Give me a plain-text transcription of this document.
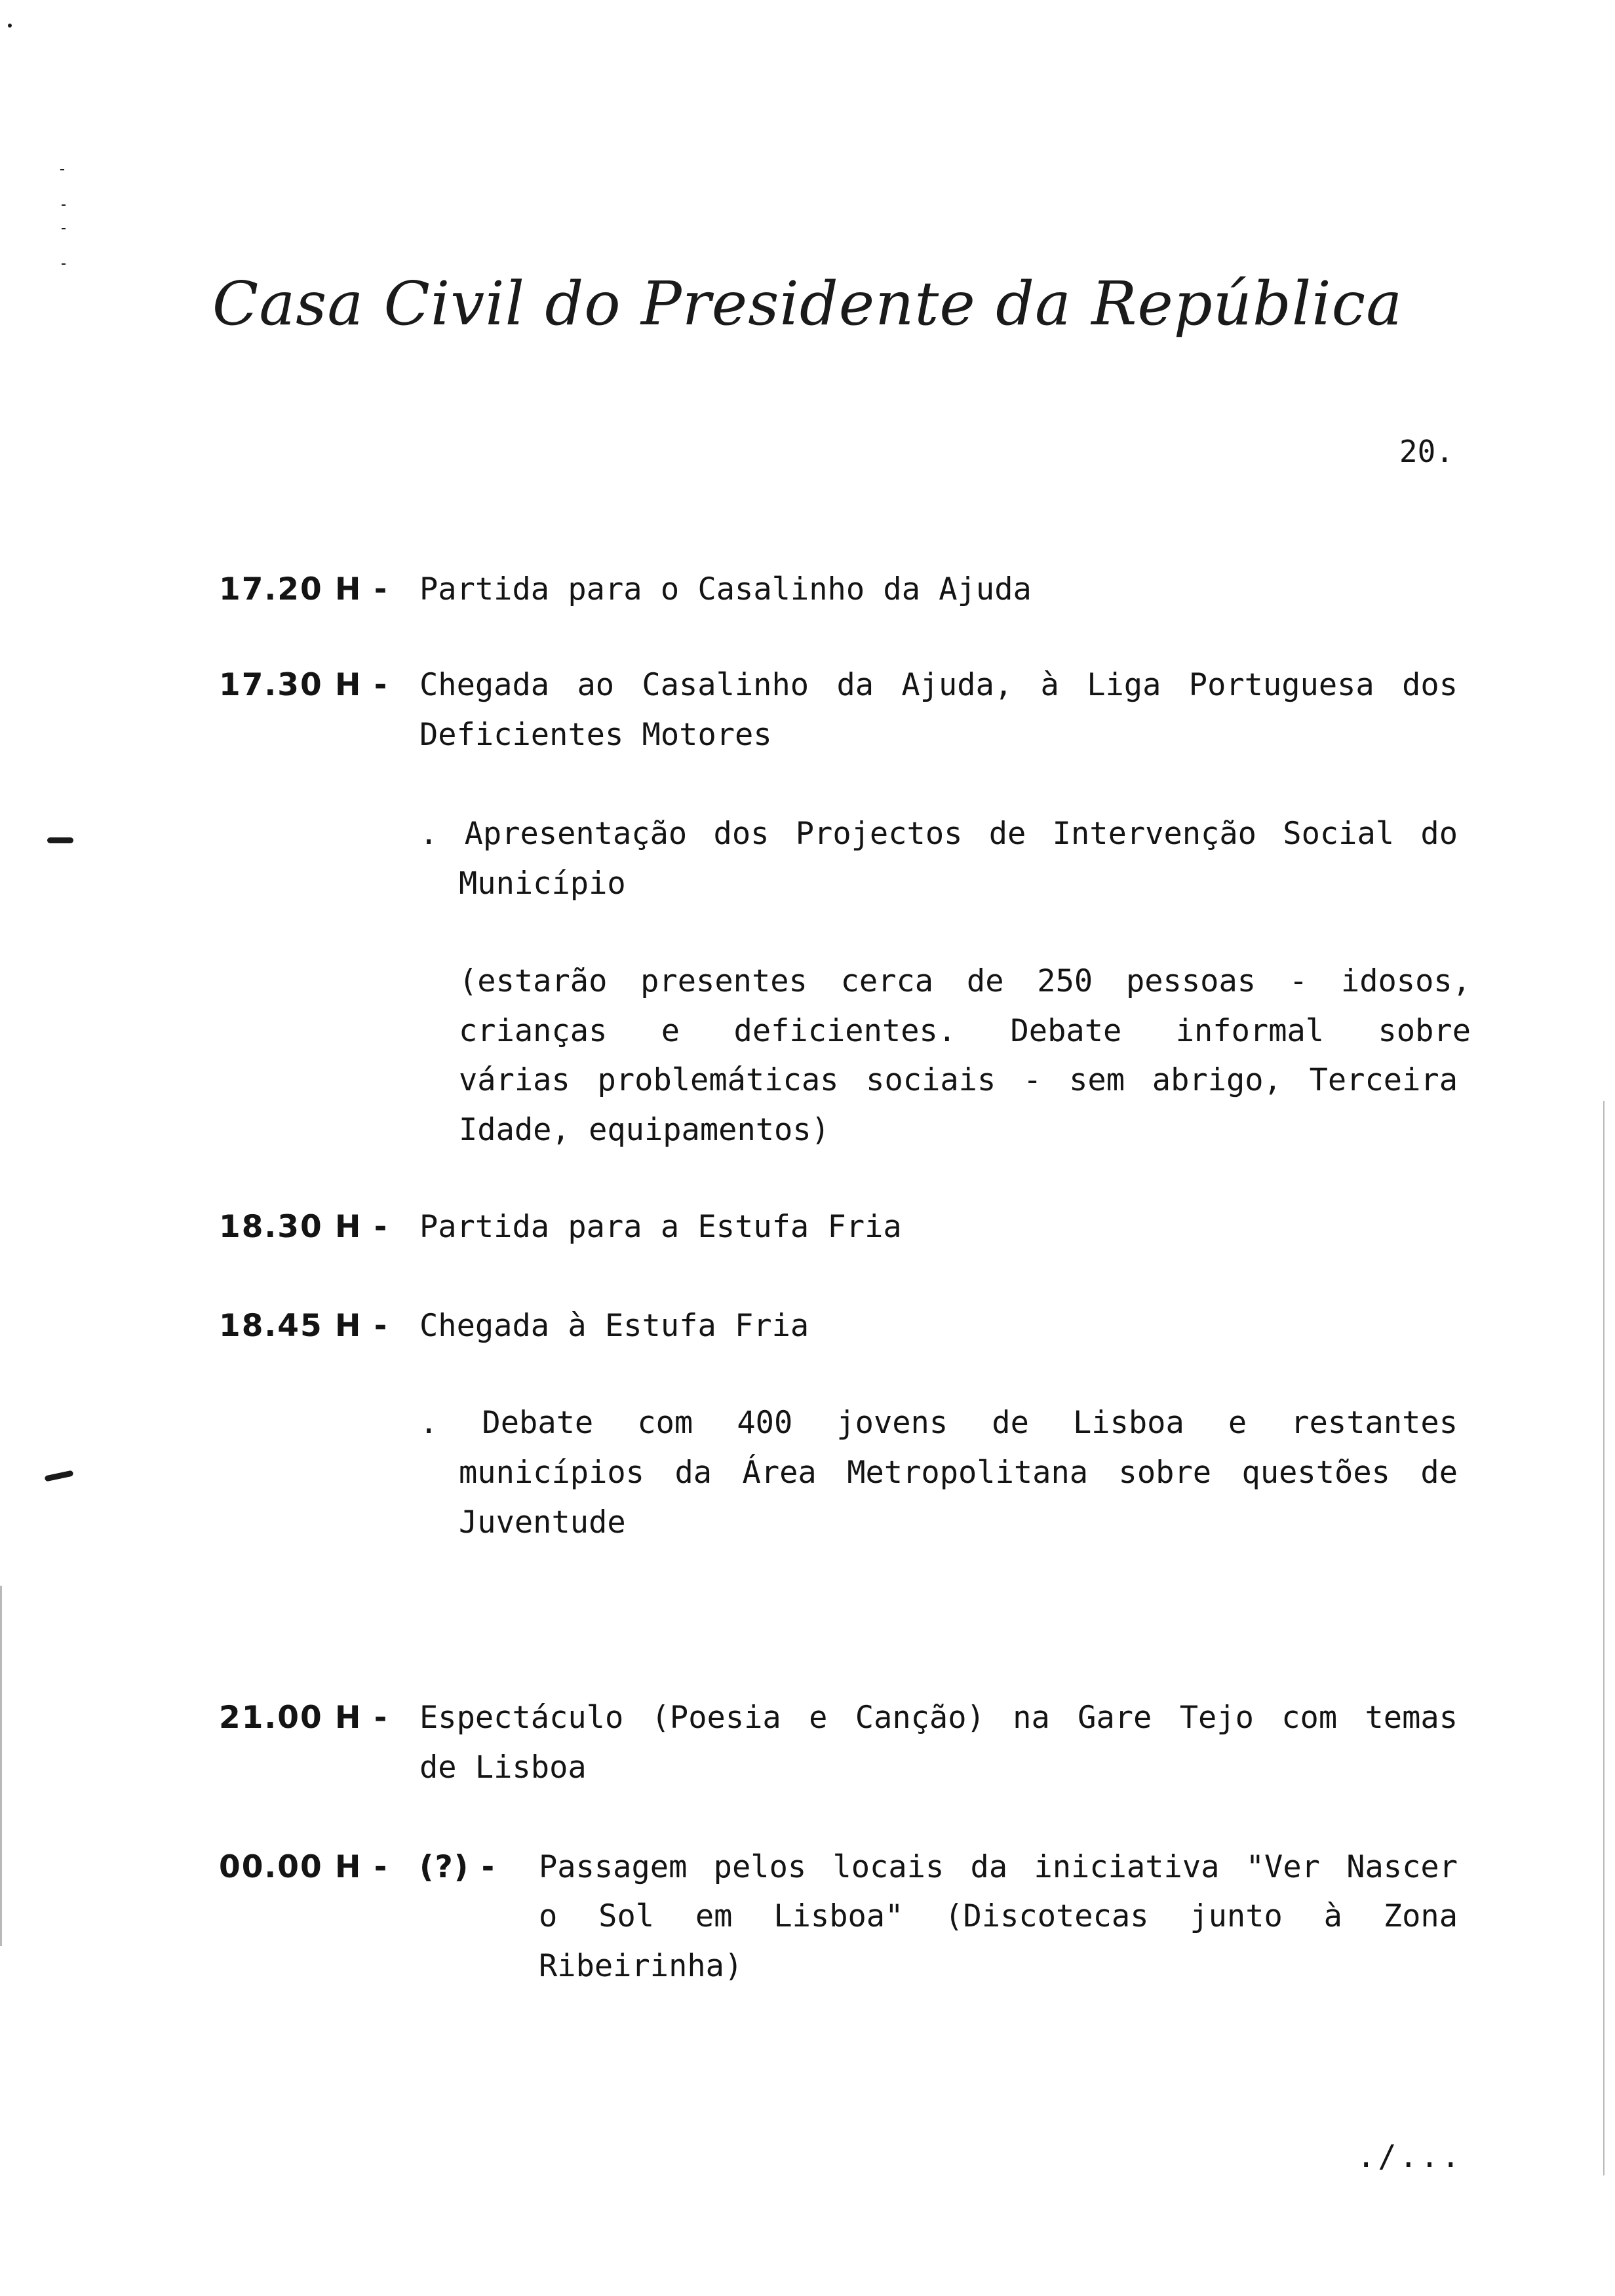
Casa Civil do Presidente da República
20.
17.20 H -	Partida para o Casalinho da Ajuda
17.30 H -	Chegada ao Casalinho da Ajuda, à Liga Portuguesa dos
Deficientes Motores
. Apresentação dos Projectos de Intervenção Social do
Município
(estarão presentes cerca de 250 pessoas - idosos,
crianças e deficientes. Debate informal sobre
várias problemáticas sociais - sem abrigo, Terceira
Idade, equipamentos)
18.30 H -	Partida para a Estufa Fria
18.45 H -	Chegada à Estufa Fria
. Debate com 400 jovens de Lisboa e restantes
municípios da Área Metropolitana sobre questões de
Juventude
21.00 H -	Espectáculo (Poesia e Canção) na Gare Tejo com temas
de Lisboa
00.00 H -	(?) -	Passagem pelos locais da iniciativa "Ver Nascer
o Sol em Lisboa" (Discotecas junto à Zona
Ribeirinha)
./...
